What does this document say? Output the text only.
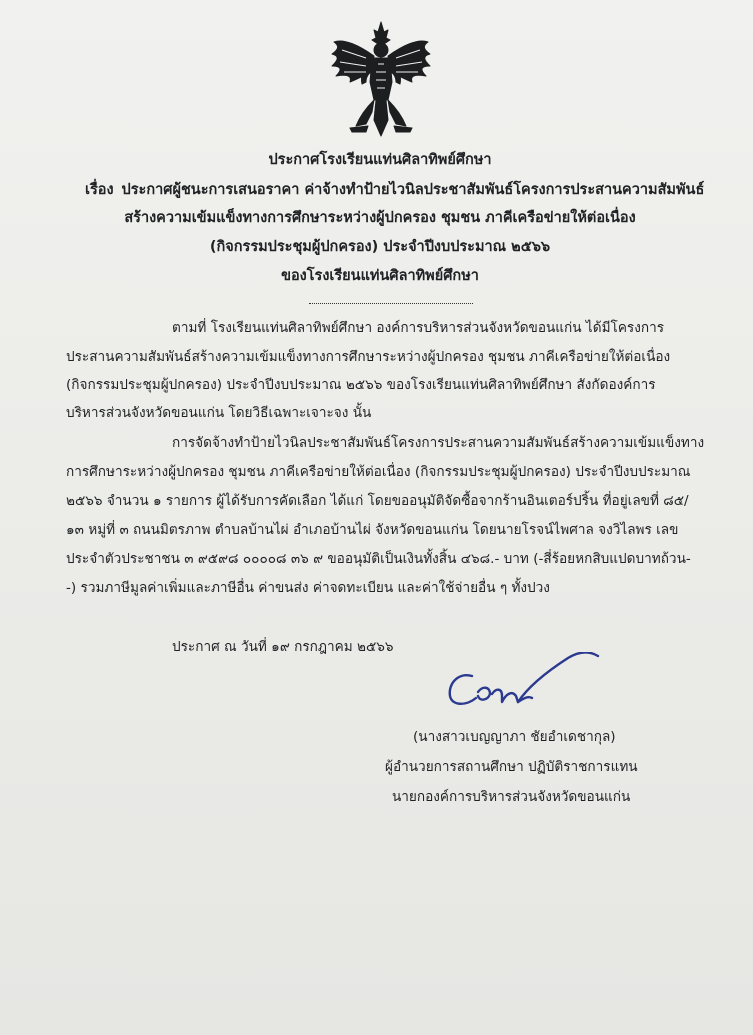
ประกาศโรงเรียนแท่นศิลาทิพย์ศึกษา
เรื่อง ประกาศผู้ชนะการเสนอราคา ค่าจ้างทำป้ายไวนิลประชาสัมพันธ์โครงการประสานความสัมพันธ์
สร้างความเข้มแข็งทางการศึกษาระหว่างผู้ปกครอง ชุมชน ภาคีเครือข่ายให้ต่อเนื่อง
(กิจกรรมประชุมผู้ปกครอง) ประจำปีงบประมาณ ๒๕๖๖
ของโรงเรียนแท่นศิลาทิพย์ศึกษา
ตามที่ โรงเรียนแท่นศิลาทิพย์ศึกษา องค์การบริหารส่วนจังหวัดขอนแก่น ได้มีโครงการ
ประสานความสัมพันธ์สร้างความเข้มแข็งทางการศึกษาระหว่างผู้ปกครอง ชุมชน ภาคีเครือข่ายให้ต่อเนื่อง
(กิจกรรมประชุมผู้ปกครอง) ประจำปีงบประมาณ ๒๕๖๖ ของโรงเรียนแท่นศิลาทิพย์ศึกษา สังกัดองค์การ
บริหารส่วนจังหวัดขอนแก่น โดยวิธีเฉพาะเจาะจง นั้น
การจัดจ้างทำป้ายไวนิลประชาสัมพันธ์โครงการประสานความสัมพันธ์สร้างความเข้มแข็งทาง
การศึกษาระหว่างผู้ปกครอง ชุมชน ภาคีเครือข่ายให้ต่อเนื่อง (กิจกรรมประชุมผู้ปกครอง) ประจำปีงบประมาณ
๒๕๖๖ จำนวน ๑ รายการ ผู้ได้รับการคัดเลือก ได้แก่ โดยขออนุมัติจัดซื้อจากร้านอินเตอร์ปริ้น ที่อยู่เลขที่ ๘๕/
๑๓ หมู่ที่ ๓ ถนนมิตรภาพ ตำบลบ้านไผ่ อำเภอบ้านไผ่ จังหวัดขอนแก่น โดยนายโรจน์ไพศาล จงวิไลพร เลข
ประจำตัวประชาชน ๓ ๙๕๙๘ ๐๐๐๐๘ ๓๖ ๙ ขออนุมัติเป็นเงินทั้งสิ้น ๔๖๘.- บาท (-สี่ร้อยหกสิบแปดบาทถ้วน-
-) รวมภาษีมูลค่าเพิ่มและภาษีอื่น ค่าขนส่ง ค่าจดทะเบียน และค่าใช้จ่ายอื่น ๆ ทั้งปวง
ประกาศ ณ วันที่ ๑๙ กรกฎาคม ๒๕๖๖
(นางสาวเบญญาภา ชัยอำเดชากุล)
ผู้อำนวยการสถานศึกษา ปฏิบัติราชการแทน
นายกองค์การบริหารส่วนจังหวัดขอนแก่น
